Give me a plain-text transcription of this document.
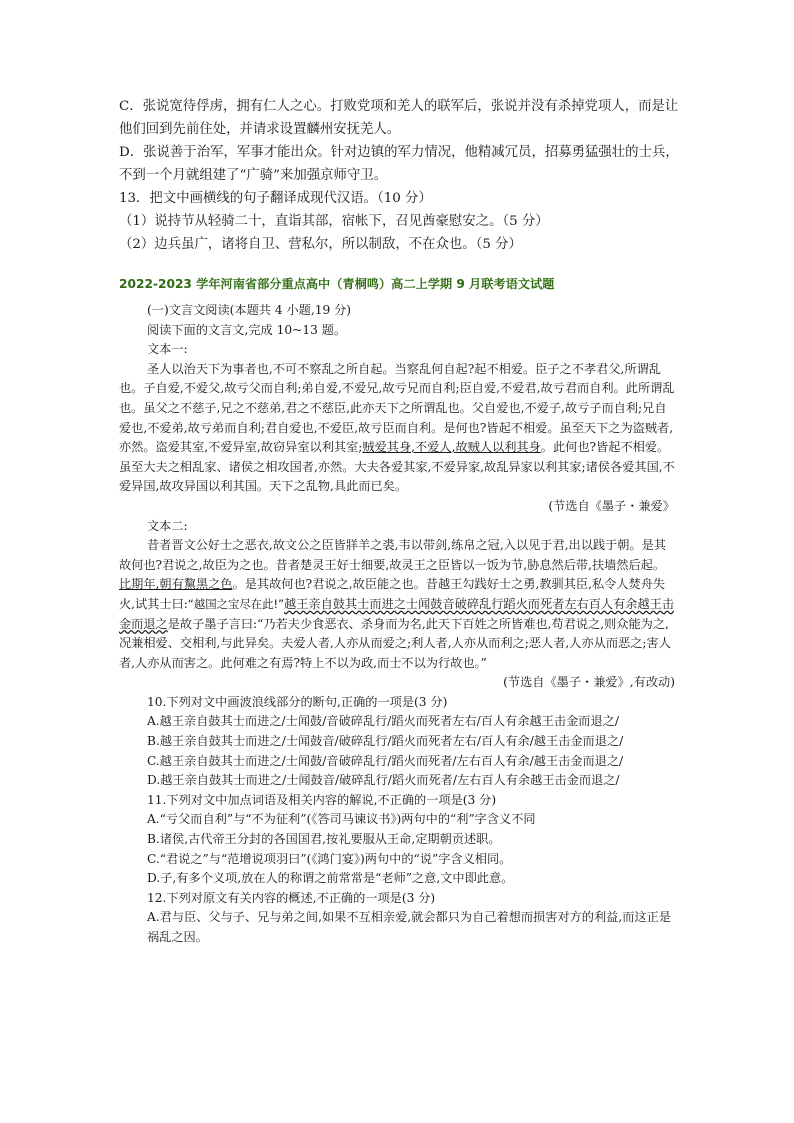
C．张说宽待俘虏，拥有仁人之心。打败党项和羌人的联军后，张说并没有杀掉党项人，而是让他们回到先前住处，并请求设置麟州安抚羌人。

D．张说善于治军，军事才能出众。针对边镇的军力情况，他精减冗员，招募勇猛强壮的士兵，不到一个月就组建了“广骑”来加强京师守卫。

13．把文中画横线的句子翻译成现代汉语。（10 分）

（1）说持节从轻骑二十，直诣其部，宿帐下，召见酋豪慰安之。（5 分）

（2）边兵虽广，诸将自卫、营私尔，所以制敌，不在众也。（5 分）

2022-2023 学年河南省部分重点高中（青桐鸣）高二上学期 9 月联考语文试题

(一)文言文阅读(本题共 4 小题,19 分)

阅读下面的文言文,完成 10~13 题。

文本一:

圣人以治天下为事者也,不可不察乱之所自起。当察乱何自起?起不相爱。臣子之不孝君父,所谓乱也。子自爱,不爱父,故亏父而自利;弟自爱,不爱兄,故亏兄而自利;臣自爱,不爱君,故亏君而自利。此所谓乱也。虽父之不慈子,兄之不慈弟,君之不慈臣,此亦天下之所谓乱也。父自爱也,不爱子,故亏子而自利;兄自爱也,不爱弟,故亏弟而自利;君自爱也,不爱臣,故亏臣而自利。是何也?皆起不相爱。虽至天下之为盗贼者,亦然。盗爱其室,不爱异室,故窃异室以利其室;贼爱其身,不爱人,故贼人以利其身。此何也?皆起不相爱。虽至大夫之相乱家、诸侯之相攻国者,亦然。大夫各爱其家,不爱异家,故乱异家以利其家;诸侯各爱其国,不爱异国,故攻异国以利其国。天下之乱物,具此而已矣。

(节选自《墨子・兼爱》

文本二:

昔者晋文公好士之恶衣,故文公之臣皆牂羊之裘,韦以带剑,练帛之冠,入以见于君,出以践于朝。是其故何也?君说之,故臣为之也。昔者楚灵王好士细要,故灵王之臣皆以一饭为节,胁息然后带,扶墙然后起。比期年,朝有黧黑之色。是其故何也?君说之,故臣能之也。昔越王勾践好士之勇,教驯其臣,私令人焚舟失火,试其士曰:“越国之宝尽在此!”越王亲自鼓其士而进之士闻鼓音破碎乱行蹈火而死者左右百人有余越王击金而退之是故子墨子言曰:“乃若夫少食恶衣、杀身而为名,此天下百姓之所皆难也,苟君说之,则众能为之,况兼相爱、交相利,与此异矣。夫爱人者,人亦从而爱之;利人者,人亦从而利之;恶人者,人亦从而恶之;害人者,人亦从而害之。此何难之有焉?特上不以为政,而士不以为行故也。”

(节选自《墨子・兼爱》,有改动)

10.下列对文中画波浪线部分的断句,正确的一项是(3 分)

A.越王亲自鼓其士而进之/士闻鼓/音破碎乱行/蹈火而死者左右/百人有余越王击金而退之/

B.越王亲自鼓其士而进之/士闻鼓音/破碎乱行/蹈火而死者左右/百人有余/越王击金而退之/

C.越王亲自鼓其士而进之/士闻鼓/音破碎乱行/蹈火而死者/左右百人有余/越王击金而退之/

D.越王亲自鼓其士而进之/士闻鼓音/破碎乱行/蹈火而死者/左右百人有余越王击金而退之/

11.下列对文中加点词语及相关内容的解说,不正确的一项是(3 分)

A.“亏父而自利”与“不为征利”(《答司马谏议书》)两句中的“利”字含义不同

B.诸侯,古代帝王分封的各国国君,按礼要服从王命,定期朝贡述职。

C.“君说之”与“范增说项羽曰”(《鸿门宴》)两句中的“说”字含义相同。

D.子,有多个义项,放在人的称谓之前常常是“老师”之意,文中即此意。

12.下列对原文有关内容的概述,不正确的一项是(3 分)

A.君与臣、父与子、兄与弟之间,如果不互相亲爱,就会都只为自己着想而损害对方的利益,而这正是祸乱之因。
